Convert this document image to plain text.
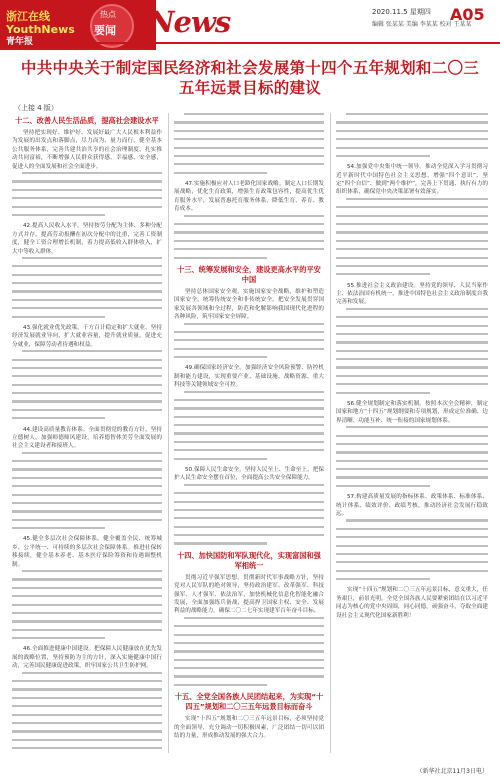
浙江在线 YouthNews
青年报
热点
要闻 News	2020.11.5 星期四
编辑 张某某 美编 李某某 校对 王某某
A05
中共中央关于制定国民经济和社会发展第十四个五年规划和二〇三五年远景目标的建议
（上接 4 版）
十二、改善人民生活品质，提高社会建设水平
坚持把实现好、维护好、发展好最广大人民根本利益作为发展的出发点和落脚点，尽力而为、量力而行，健全基本公共服务体系，完善共建共治共享的社会治理制度，扎实推动共同富裕，不断增强人民群众获得感、幸福感、安全感，促进人的全面发展和社会全面进步。
42.提高人民收入水平。坚持按劳分配为主体、多种分配方式并存，提高劳动报酬在初次分配中的比重，完善工资制度，健全工资合理增长机制，着力提高低收入群体收入，扩大中等收入群体。
43.强化就业优先政策。千方百计稳定和扩大就业，坚持经济发展就业导向，扩大就业容量，提升就业质量，促进充分就业，保障劳动者待遇和权益。
44.建设高质量教育体系。全面贯彻党的教育方针，坚持立德树人，加强师德师风建设，培养德智体美劳全面发展的社会主义建设者和接班人。
45.健全多层次社会保障体系。健全覆盖全民、统筹城乡、公平统一、可持续的多层次社会保障体系。推进社保转移接续，健全基本养老、基本医疗保险筹资和待遇调整机制。
46.全面推进健康中国建设。把保障人民健康放在优先发展的战略位置，坚持预防为主的方针，深入实施健康中国行动，完善国民健康促进政策，织牢国家公共卫生防护网。
47.实施积极应对人口老龄化国家战略。制定人口长期发展战略，优化生育政策，增强生育政策包容性，提高优生优育服务水平，发展普惠托育服务体系，降低生育、养育、教育成本。
十三、统筹发展和安全，建设更高水平的平安中国
坚持总体国家安全观，实施国家安全战略，维护和塑造国家安全，统筹传统安全和非传统安全，把安全发展贯穿国家发展各领域和全过程，防范和化解影响我国现代化进程的各种风险，筑牢国家安全屏障。
49.确保国家经济安全。加强经济安全风险预警、防控机制和能力建设，实现重要产业、基础设施、战略资源、重大科技等关键领域安全可控。
50.保障人民生命安全。坚持人民至上、生命至上，把保护人民生命安全摆在首位，全面提高公共安全保障能力。
十四、加快国防和军队现代化，实现富国和强军相统一
贯彻习近平强军思想，贯彻新时代军事战略方针，坚持党对人民军队的绝对领导，坚持政治建军、改革强军、科技强军、人才强军、依法治军，加快机械化信息化智能化融合发展，全面加强练兵备战，提高捍卫国家主权、安全、发展利益的战略能力，确保二〇二七年实现建军百年奋斗目标。
十五、全党全国各族人民团结起来，为实现“十四五”规划和二〇三五年远景目标而奋斗
实现“十四五”规划和二〇三五年远景目标，必须坚持党的全面领导，充分调动一切积极因素，广泛团结一切可以团结的力量，形成推动发展的强大合力。
54.加强党中央集中统一领导。推动全党深入学习贯彻习近平新时代中国特色社会主义思想，增强“四个意识”、坚定“四个自信”、做到“两个维护”，完善上下贯通、执行有力的组织体系，确保党中央决策部署有效落实。
55.推进社会主义政治建设。坚持党的领导、人民当家作主、依法治国有机统一，推进中国特色社会主义政治制度自我完善和发展。
56.健全规划制定和落实机制。按照本次全会精神，制定国家和地方“十四五”规划纲要和专项规划，形成定位准确、边界清晰、功能互补、统一衔接的国家规划体系。
57.构建高质量发展的指标体系、政策体系、标准体系、统计体系、绩效评价、政绩考核，推动经济社会发展行稳致远。
实现“十四五”规划和二〇三五年远景目标，意义重大，任务艰巨，前景光明。全党全国各族人民要紧密团结在以习近平同志为核心的党中央周围，同心同德，顽强奋斗，夺取全面建设社会主义现代化国家新胜利！
（新华社北京11月3日电）
